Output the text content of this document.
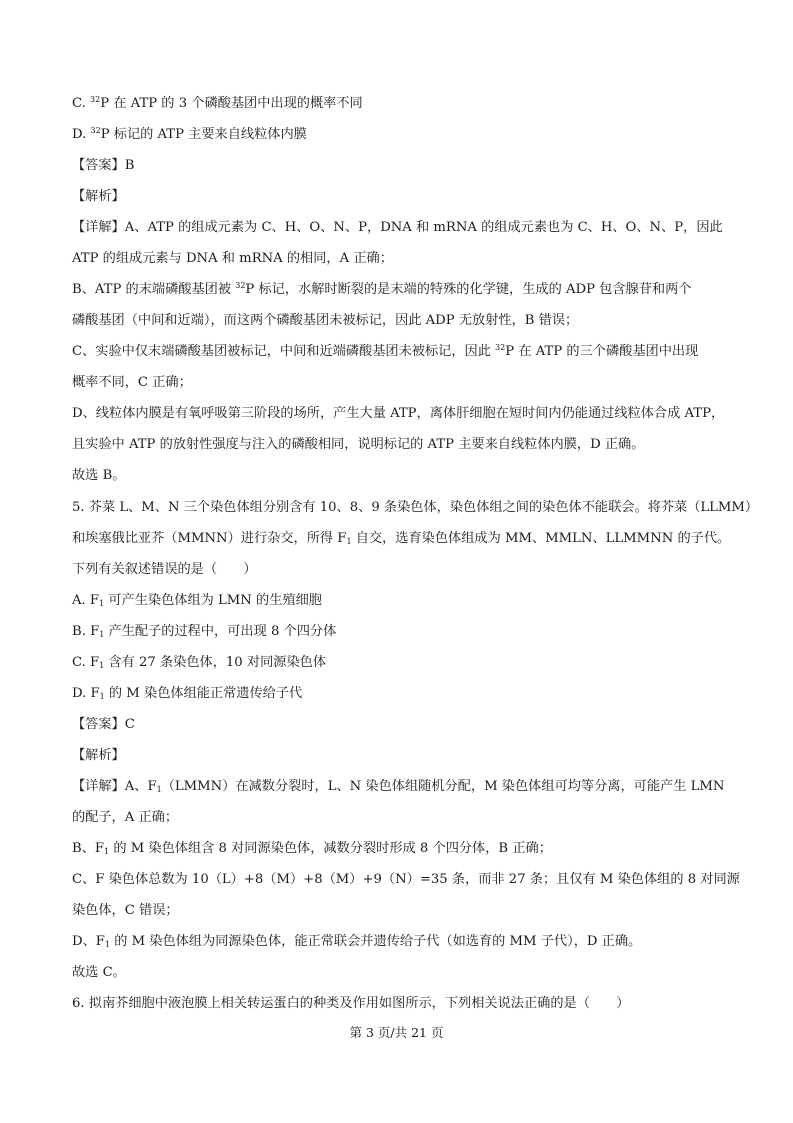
C. $^{32}$P 在 ATP 的 3 个磷酸基团中出现的概率不同
D. $^{32}$P 标记的 ATP 主要来自线粒体内膜
【答案】B
【解析】
【详解】A、ATP 的组成元素为 C、H、O、N、P，DNA 和 mRNA 的组成元素也为 C、H、O、N、P，因此
ATP 的组成元素与 DNA 和 mRNA 的相同，A 正确；
B、ATP 的末端磷酸基团被 $^{32}$P 标记，水解时断裂的是末端的特殊的化学键，生成的 ADP 包含腺苷和两个
磷酸基团（中间和近端），而这两个磷酸基团未被标记，因此 ADP 无放射性，B 错误；
C、实验中仅末端磷酸基团被标记，中间和近端磷酸基团未被标记，因此 $^{32}$P 在 ATP 的三个磷酸基团中出现
概率不同，C 正确；
D、线粒体内膜是有氧呼吸第三阶段的场所，产生大量 ATP，离体肝细胞在短时间内仍能通过线粒体合成 ATP，
且实验中 ATP 的放射性强度与注入的磷酸相同，说明标记的 ATP 主要来自线粒体内膜，D 正确。
故选 B。
5. 芥菜 L、M、N 三个染色体组分别含有 10、8、9 条染色体，染色体组之间的染色体不能联会。将芥菜（LLMM）
和埃塞俄比亚芥（MMNN）进行杂交，所得 $F_1$ 自交，选育染色体组成为 MM、MMLN、LLMMNN 的子代。
下列有关叙述错误的是（　　）
A. $F_1$ 可产生染色体组为 LMN 的生殖细胞
B. $F_1$ 产生配子的过程中，可出现 8 个四分体
C. $F_1$ 含有 27 条染色体，10 对同源染色体
D. $F_1$ 的 M 染色体组能正常遗传给子代
【答案】C
【解析】
【详解】A、$F_1(LMMN)$在减数分裂时，L、N 染色体组随机分配，M 染色体组可均等分离，可能产生 LMN
的配子，A 正确；
B、$F_1$ 的 M 染色体组含 8 对同源染色体，减数分裂时形成 8 个四分体，B 正确；
C、F 染色体总数为 10（L）+8（M）+8（M）+9（N）=35 条，而非 27 条；且仅有 M 染色体组的 8 对同源
染色体，C 错误；
D、$F_1$ 的 M 染色体组为同源染色体，能正常联会并遗传给子代（如选育的 MM 子代），D 正确。
故选 C。
6. 拟南芥细胞中液泡膜上相关转运蛋白的种类及作用如图所示，下列相关说法正确的是（　　）
第 3 页/共 21 页
